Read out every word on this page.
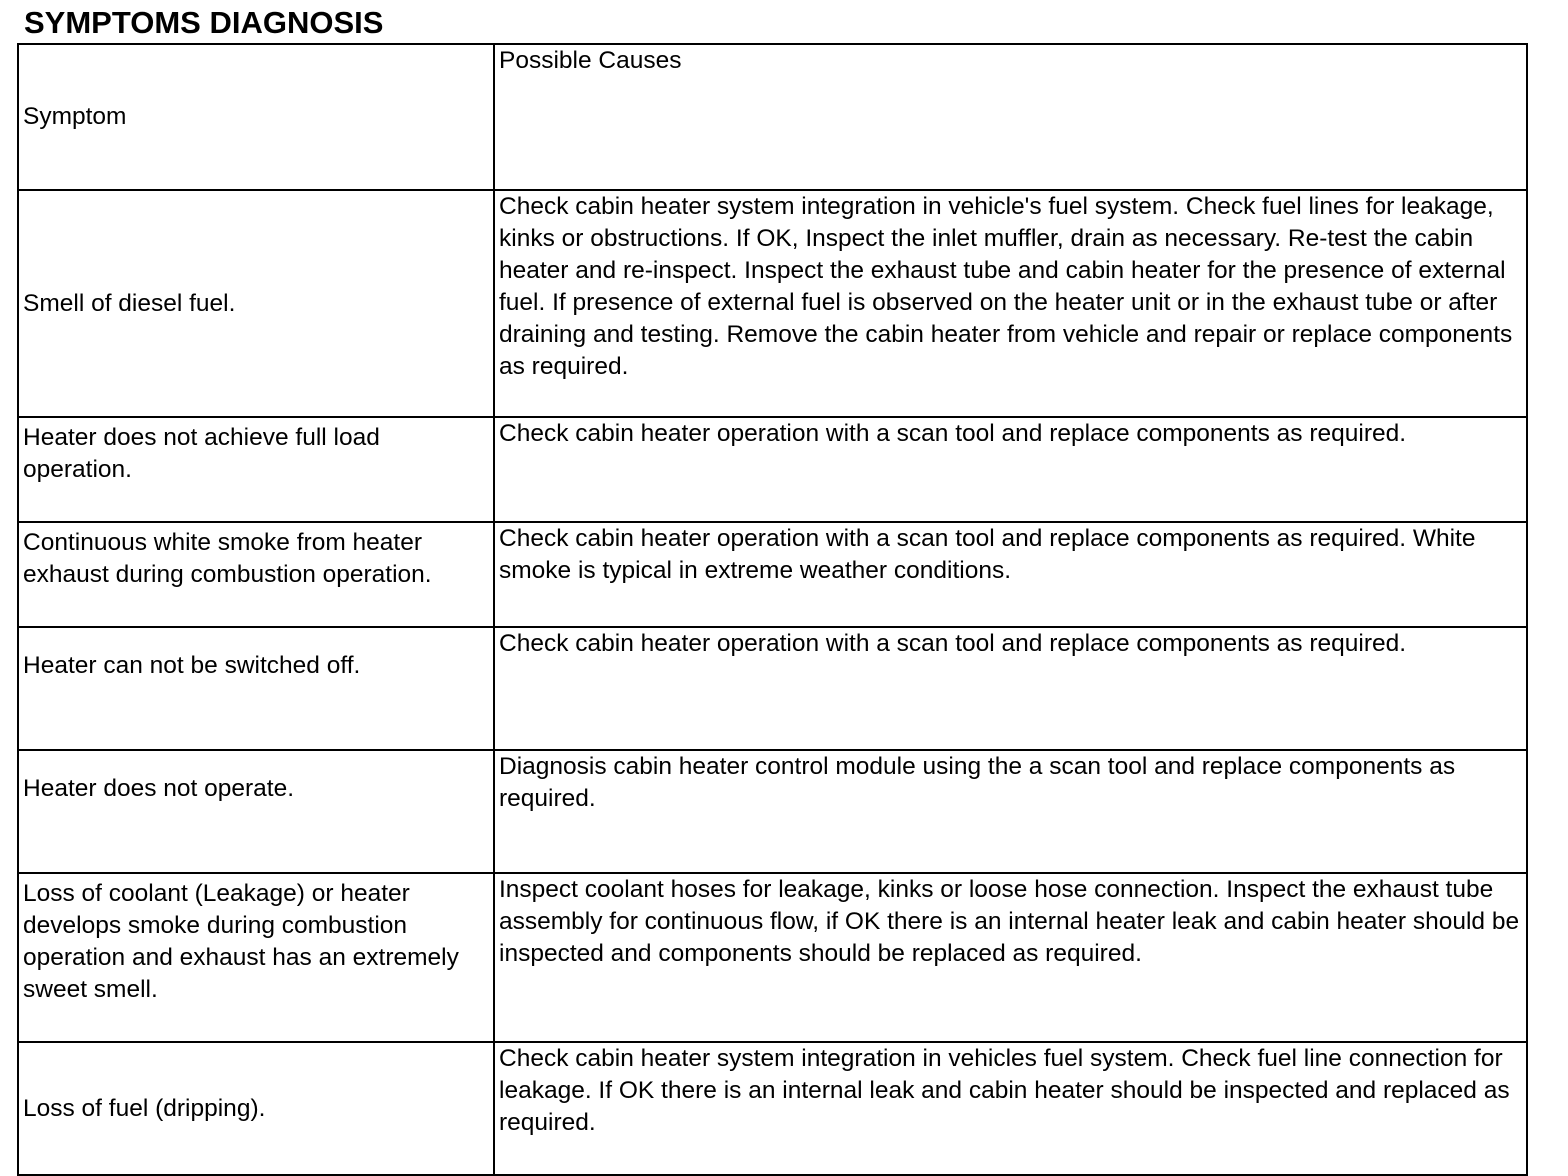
SYMPTOMS DIAGNOSIS
Symptom	Possible Causes
Smell of diesel fuel.	Check cabin heater system integration in vehicle's fuel system. Check fuel lines for leakage, kinks or obstructions. If OK, Inspect the inlet muffler, drain as necessary. Re-test the cabin heater and re-inspect. Inspect the exhaust tube and cabin heater for the presence of external fuel. If presence of external fuel is observed on the heater unit or in the exhaust tube or after draining and testing. Remove the cabin heater from vehicle and repair or replace components as required.
Heater does not achieve full load operation.	Check cabin heater operation with a scan tool and replace components as required.
Continuous white smoke from heater exhaust during combustion operation.	Check cabin heater operation with a scan tool and replace components as required. White smoke is typical in extreme weather conditions.
Heater can not be switched off.	Check cabin heater operation with a scan tool and replace components as required.
Heater does not operate.	Diagnosis cabin heater control module using the a scan tool and replace components as required.
Loss of coolant (Leakage) or heater develops smoke during combustion operation and exhaust has an extremely sweet smell.	Inspect coolant hoses for leakage, kinks or loose hose connection. Inspect the exhaust tube assembly for continuous flow, if OK there is an internal heater leak and cabin heater should be inspected and components should be replaced as required.
Loss of fuel (dripping).	Check cabin heater system integration in vehicles fuel system. Check fuel line connection for leakage. If OK there is an internal leak and cabin heater should be inspected and replaced as required.
